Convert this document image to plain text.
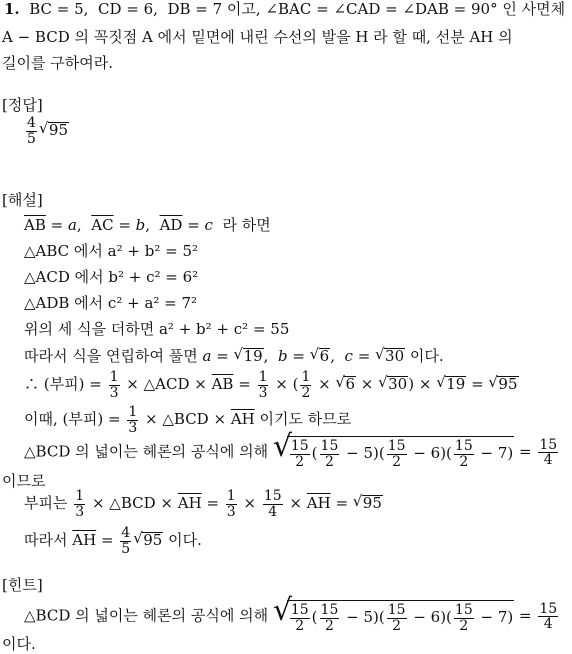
1. $\overline{BC} = 5$,  $\overline{CD} = 6$,  $\overline{DB} = 7$ 이고, ∠BAC = ∠CAD = ∠DAB = 90° 인 사면체
A − BCD 의 꼭짓점 A 에서 밑면에 내린 수선의 발을 H 라 할 때, 선분 AH 의
길이를 구하여라.
[정답]
$\frac{4}{5}$ √ 95
[해설]
$\overline{AB} = a$,  $\overline{AC} = b$,  $\overline{AD} = c$ 라 하면
△ABC 에서 a² + b² = 5²
△ACD 에서 b² + c² = 6²
△ADB 에서 c² + a² = 7²
위의 세 식을 더하면 a² + b² + c² = 55
따라서 식을 연립하여 풀면 a = √ 19,  b = √ 6,  c = √ 30 이다.
∴ (부피) = $\frac{1}{3}$ × △ACD × $\overline{AB} = \frac{1}{3}$ × ( $\frac{1}{2}$ × √ 6 × √ 30) × √ 19 = √ 95
이때, (부피) = $\frac{1}{3}$ × △BCD × $\overline{AH}$ 이기도 하므로
△BCD 의 넓이는 헤론의 공식에 의해 √
$\frac{15}{2}$ ( $\frac{15}{2} - 5)( \frac{15}{2} - 6)( \frac{15}{2} - 7) = \frac{15}{4}$
이므로
부피는 $\frac{1}{3}$ × △BCD × $\overline{AH} = \frac{1}{3} \times \frac{15}{4} \times \overline{AH}$ = √ 95
따라서 $\overline{AH} = \frac{4}{5}$ √ 95 이다.
[힌트]
△BCD 의 넓이는 헤론의 공식에 의해 √
$\frac{15}{2}$ ( $\frac{15}{2} - 5)( \frac{15}{2} - 6)( \frac{15}{2} - 7) = \frac{15}{4}$
이다.
